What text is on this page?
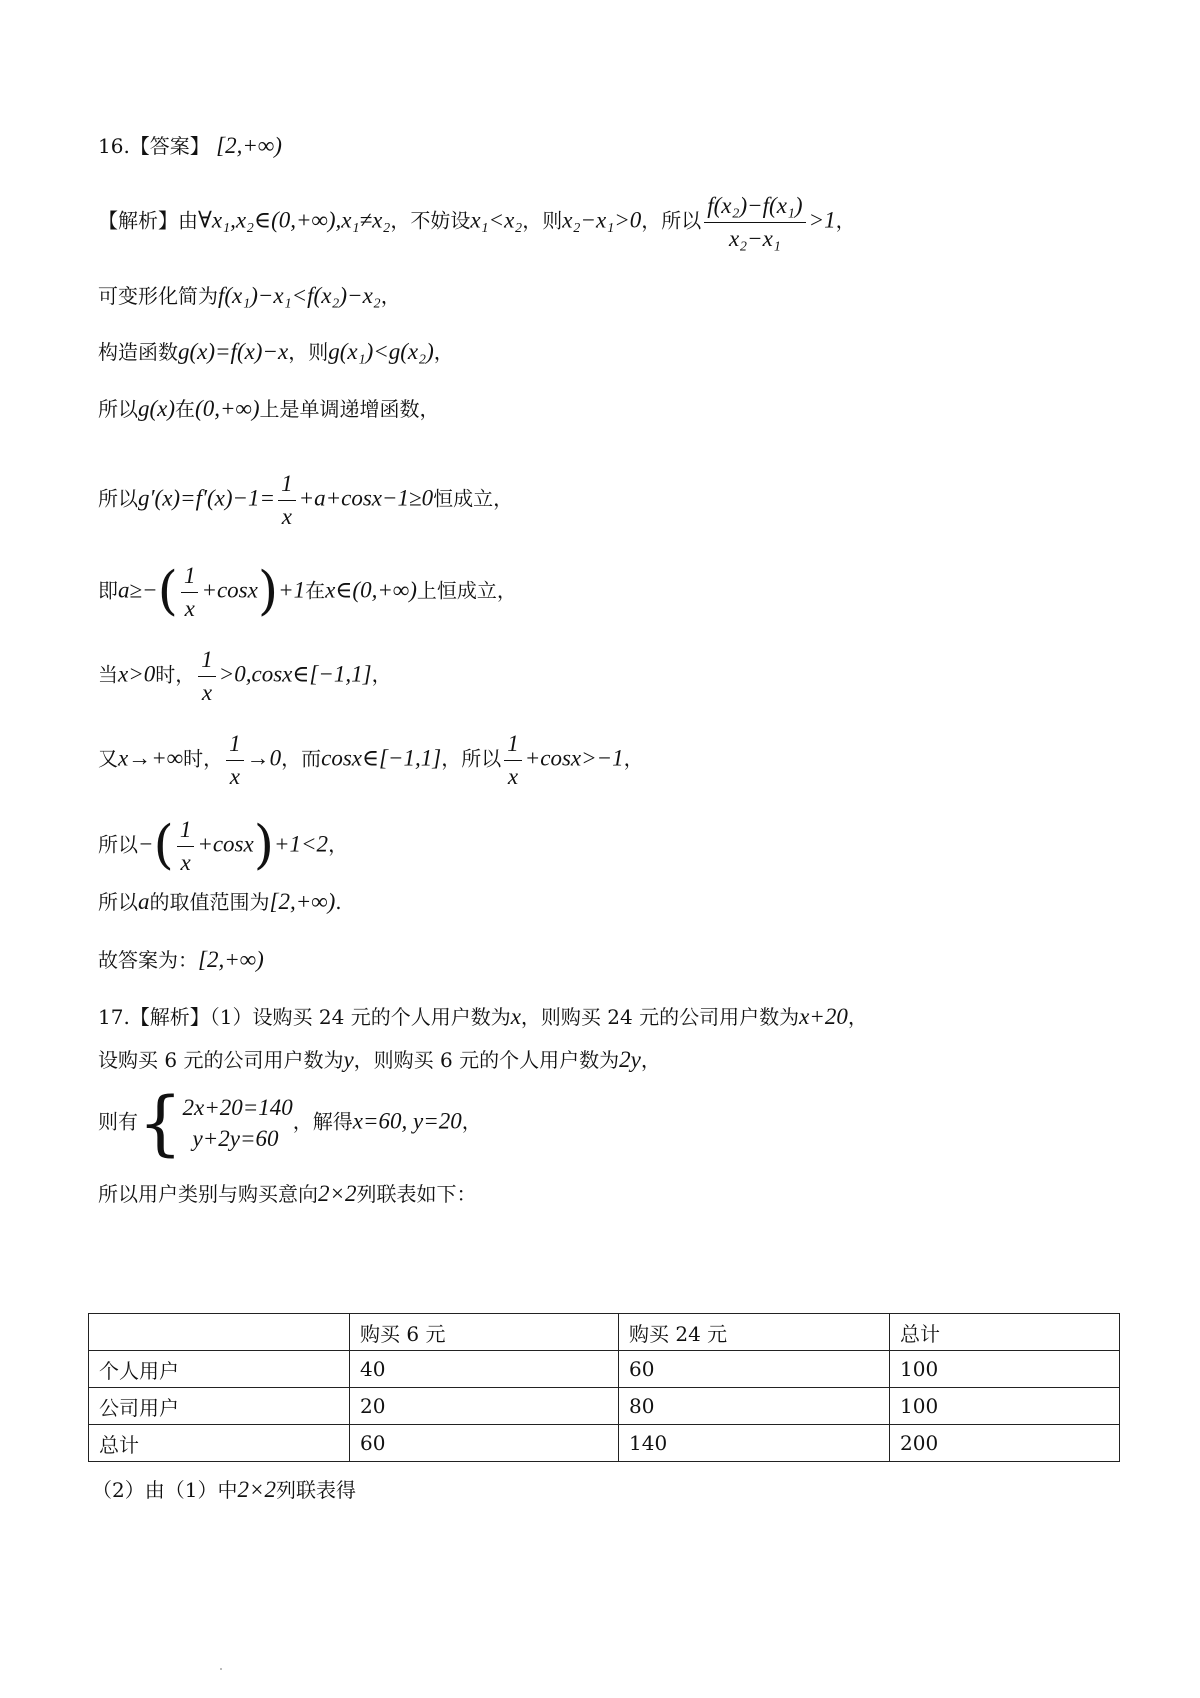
16.【答案】 [2,+∞)
【解析】由∀x₁,x₂∈(0,+∞),x₁≠x₂，不妨设x₁<x₂，则x₂−x₁>0，所以 $\frac{\text{f(x₂)−f(x₁)}}{\text{x₂−x₁}} >1$，
可变形化简为f(x₁)−x₁<f(x₂)−x₂，
构造函数g(x)=f(x)−x，则g(x₁)<g(x₂)，
所以g(x)在(0,+∞)上是单调递增函数，
所以$g'(x)=f'(x)-1= \frac{1}{x} +a+\cos x-1\ge 0$恒成立，
即$a\ge-( \frac{1}{x} +\cos x)+1$在x∈(0,+∞)上恒成立，
当x>0时， $\frac{1}{x}$ >0,cosx∈[−1,1]，
又x→+∞时， $\frac{1}{x} \to 0$，而cosx∈[−1,1]，所以 $\frac{1}{x} +\cos x>-1$，
所以−( $\frac{1}{x} +\cos x)+1<2$，
所以a的取值范围为[2,+∞).
故答案为：[2,+∞)
17.【解析】（1）设购买 24 元的个人用户数为x，则购买 24 元的公司用户数为x+20，
设购买 6 元的公司用户数为y，则购买 6 元的个人用户数为2y，
则有{ 2x+20=140
y+2y=60
，解得x=60, y=20，
所以用户类别与购买意向2×2列联表如下：
	购买 6 元	购买 24 元	总计
个人用户	40	60	100
公司用户	20	80	100
总计	60	140	200
（2）由（1）中2×2列联表得
